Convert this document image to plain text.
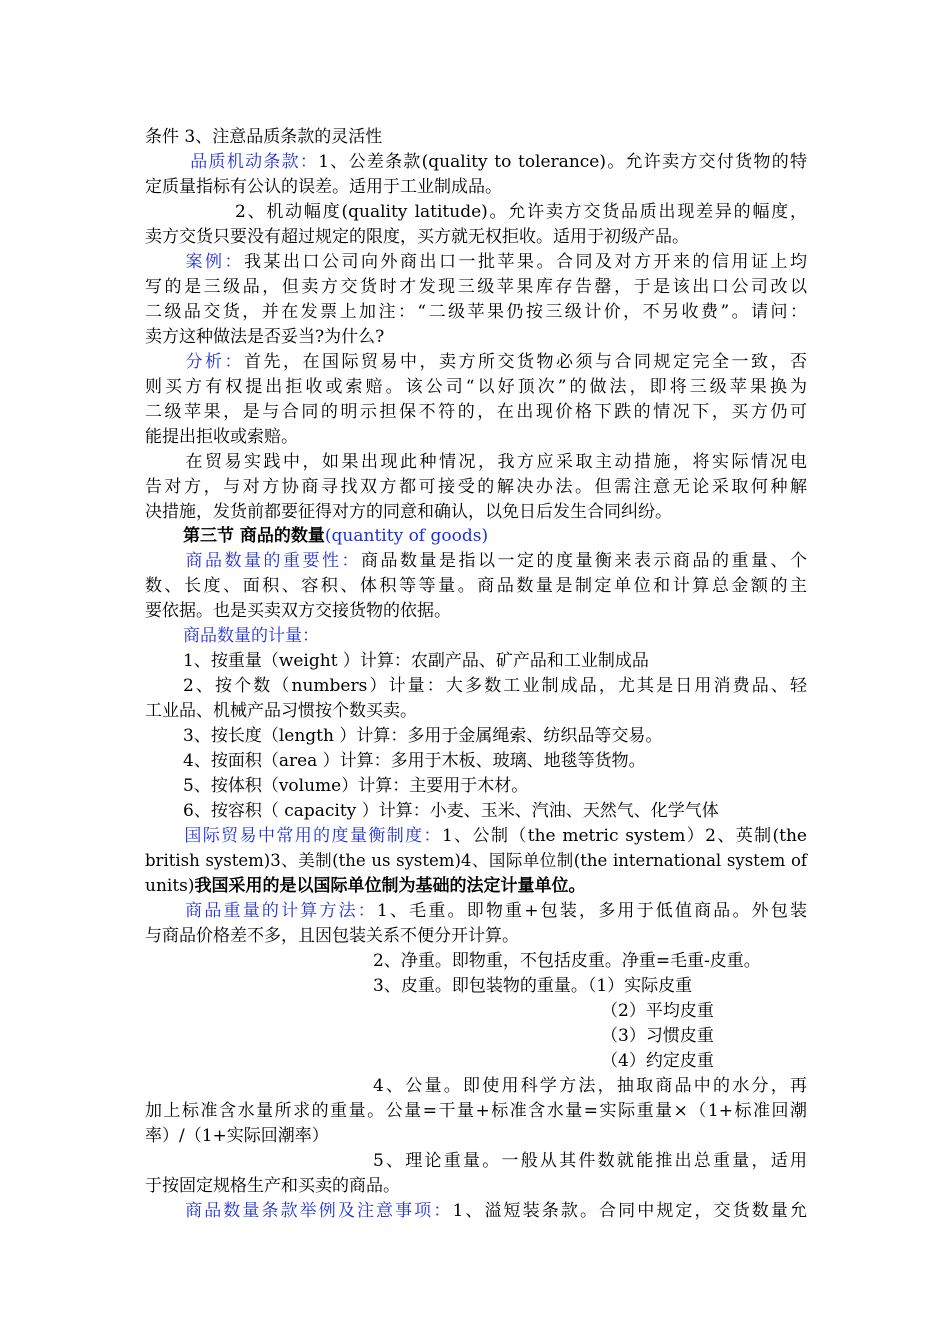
条件 3、注意品质条款的灵活性
品质机动条款：1、公差条款(quality to tolerance)。允许卖方交付货物的特
定质量指标有公认的误差。适用于工业制成品。
2、机动幅度(quality latitude)。允许卖方交货品质出现差异的幅度，
卖方交货只要没有超过规定的限度，买方就无权拒收。适用于初级产品。
案例：我某出口公司向外商出口一批苹果。合同及对方开来的信用证上均
写的是三级品，但卖方交货时才发现三级苹果库存告罄，于是该出口公司改以
二级品交货，并在发票上加注：“二级苹果仍按三级计价，不另收费”。请问：
卖方这种做法是否妥当?为什么?
分析：首先，在国际贸易中，卖方所交货物必须与合同规定完全一致，否
则买方有权提出拒收或索赔。该公司“以好顶次”的做法，即将三级苹果换为
二级苹果，是与合同的明示担保不符的，在出现价格下跌的情况下，买方仍可
能提出拒收或索赔。
在贸易实践中，如果出现此种情况，我方应采取主动措施，将实际情况电
告对方，与对方协商寻找双方都可接受的解决办法。但需注意无论采取何种解
决措施，发货前都要征得对方的同意和确认，以免日后发生合同纠纷。
第三节 商品的数量(quantity of goods)
商品数量的重要性：商品数量是指以一定的度量衡来表示商品的重量、个
数、长度、面积、容积、体积等等量。商品数量是制定单位和计算总金额的主
要依据。也是买卖双方交接货物的依据。
商品数量的计量：
1、按重量（weight ）计算：农副产品、矿产品和工业制成品
2、按个数（numbers）计量：大多数工业制成品，尤其是日用消费品、轻
工业品、机械产品习惯按个数买卖。
3、按长度（length ）计算：多用于金属绳索、纺织品等交易。
4、按面积（area ）计算：多用于木板、玻璃、地毯等货物。
5、按体积（volume）计算：主要用于木材。
6、按容积（ capacity ）计算：小麦、玉米、汽油、天然气、化学气体
国际贸易中常用的度量衡制度：1、公制（the metric system）2、英制(the
british system)3、美制(the us system)4、国际单位制(the international system of
units)我国采用的是以国际单位制为基础的法定计量单位。
商品重量的计算方法：1、毛重。即物重+包装，多用于低值商品。外包装
与商品价格差不多，且因包装关系不便分开计算。
2、净重。即物重，不包括皮重。净重=毛重-皮重。
3、皮重。即包装物的重量。（1）实际皮重
（2）平均皮重
（3）习惯皮重
（4）约定皮重
4、公量。即使用科学方法，抽取商品中的水分，再
加上标准含水量所求的重量。公量=干量+标准含水量=实际重量×（1+标准回潮
率）/（1+实际回潮率）
5、理论重量。一般从其件数就能推出总重量，适用
于按固定规格生产和买卖的商品。
商品数量条款举例及注意事项：1、溢短装条款。合同中规定，交货数量允
